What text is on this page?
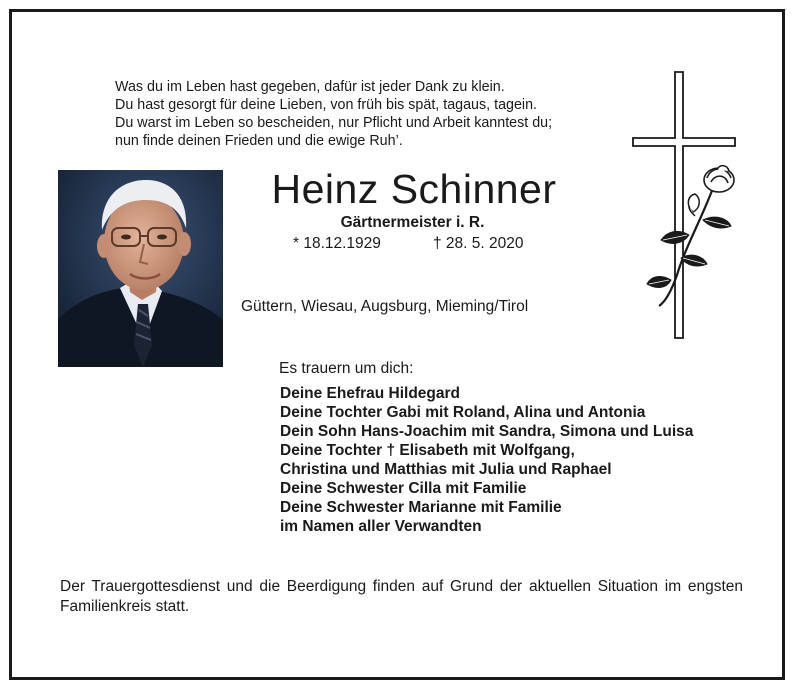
Was du im Leben hast gegeben, dafür ist jeder Dank zu klein.
Du hast gesorgt für deine Lieben, von früh bis spät, tagaus, tagein.
Du warst im Leben so bescheiden, nur Pflicht und Arbeit kanntest du;
nun finde deinen Frieden und die ewige Ruh’.
Heinz Schinner
Gärtnermeister i. R.
* 18.12.1929	† 28. 5. 2020
Güttern, Wiesau, Augsburg, Mieming/Tirol
Es trauern um dich:
Deine Ehefrau Hildegard
Deine Tochter Gabi mit Roland, Alina und Antonia
Dein Sohn Hans-Joachim mit Sandra, Simona und Luisa
Deine Tochter † Elisabeth mit Wolfgang,
Christina und Matthias mit Julia und Raphael
Deine Schwester Cilla mit Familie
Deine Schwester Marianne mit Familie
im Namen aller Verwandten
Der Trauergottesdienst und die Beerdigung finden auf Grund der aktuellen Situation im engsten Familienkreis statt.
